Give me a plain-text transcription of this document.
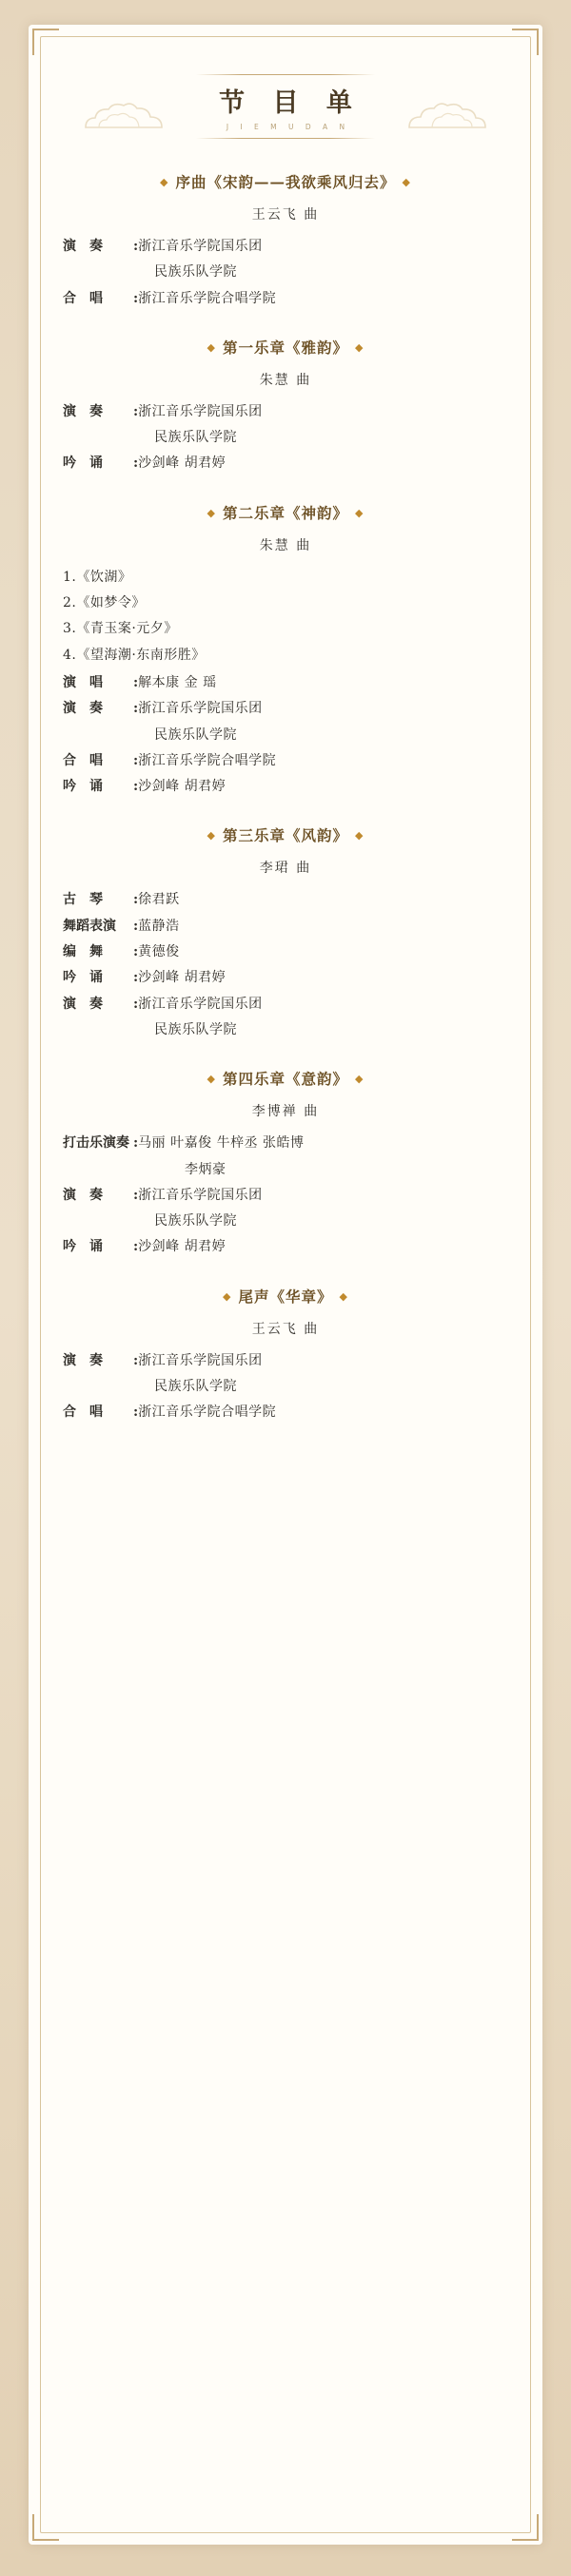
节 目 单
J I E M U D A N
◆ 序曲《宋韵——我欲乘风归去》 ◆
王云飞 曲
演　奏	: 浙江音乐学院国乐团
民族乐队学院
合　唱	: 浙江音乐学院合唱学院
◆ 第一乐章《雅韵》 ◆
朱慧 曲
演　奏	: 浙江音乐学院国乐团
民族乐队学院
吟　诵	: 沙剑峰 胡君婷
◆ 第二乐章《神韵》 ◆
朱慧 曲
1.《饮湖》
2.《如梦令》
3.《青玉案·元夕》
4.《望海潮·东南形胜》
演　唱	: 解本康 金 瑶
演　奏	: 浙江音乐学院国乐团
民族乐队学院
合　唱	: 浙江音乐学院合唱学院
吟　诵	: 沙剑峰 胡君婷
◆ 第三乐章《风韵》 ◆
李珺 曲
古　琴	: 徐君跃
舞蹈表演	: 蓝静浩
编　舞	: 黄德俊
吟　诵	: 沙剑峰 胡君婷
演　奏	: 浙江音乐学院国乐团
民族乐队学院
◆ 第四乐章《意韵》 ◆
李博禅 曲
打击乐演奏 : 马丽 叶嘉俊 牛梓丞 张皓博
李炳豪
演　奏	: 浙江音乐学院国乐团
民族乐队学院
吟　诵	: 沙剑峰 胡君婷
◆ 尾声《华章》 ◆
王云飞 曲
演　奏	: 浙江音乐学院国乐团
民族乐队学院
合　唱	: 浙江音乐学院合唱学院
